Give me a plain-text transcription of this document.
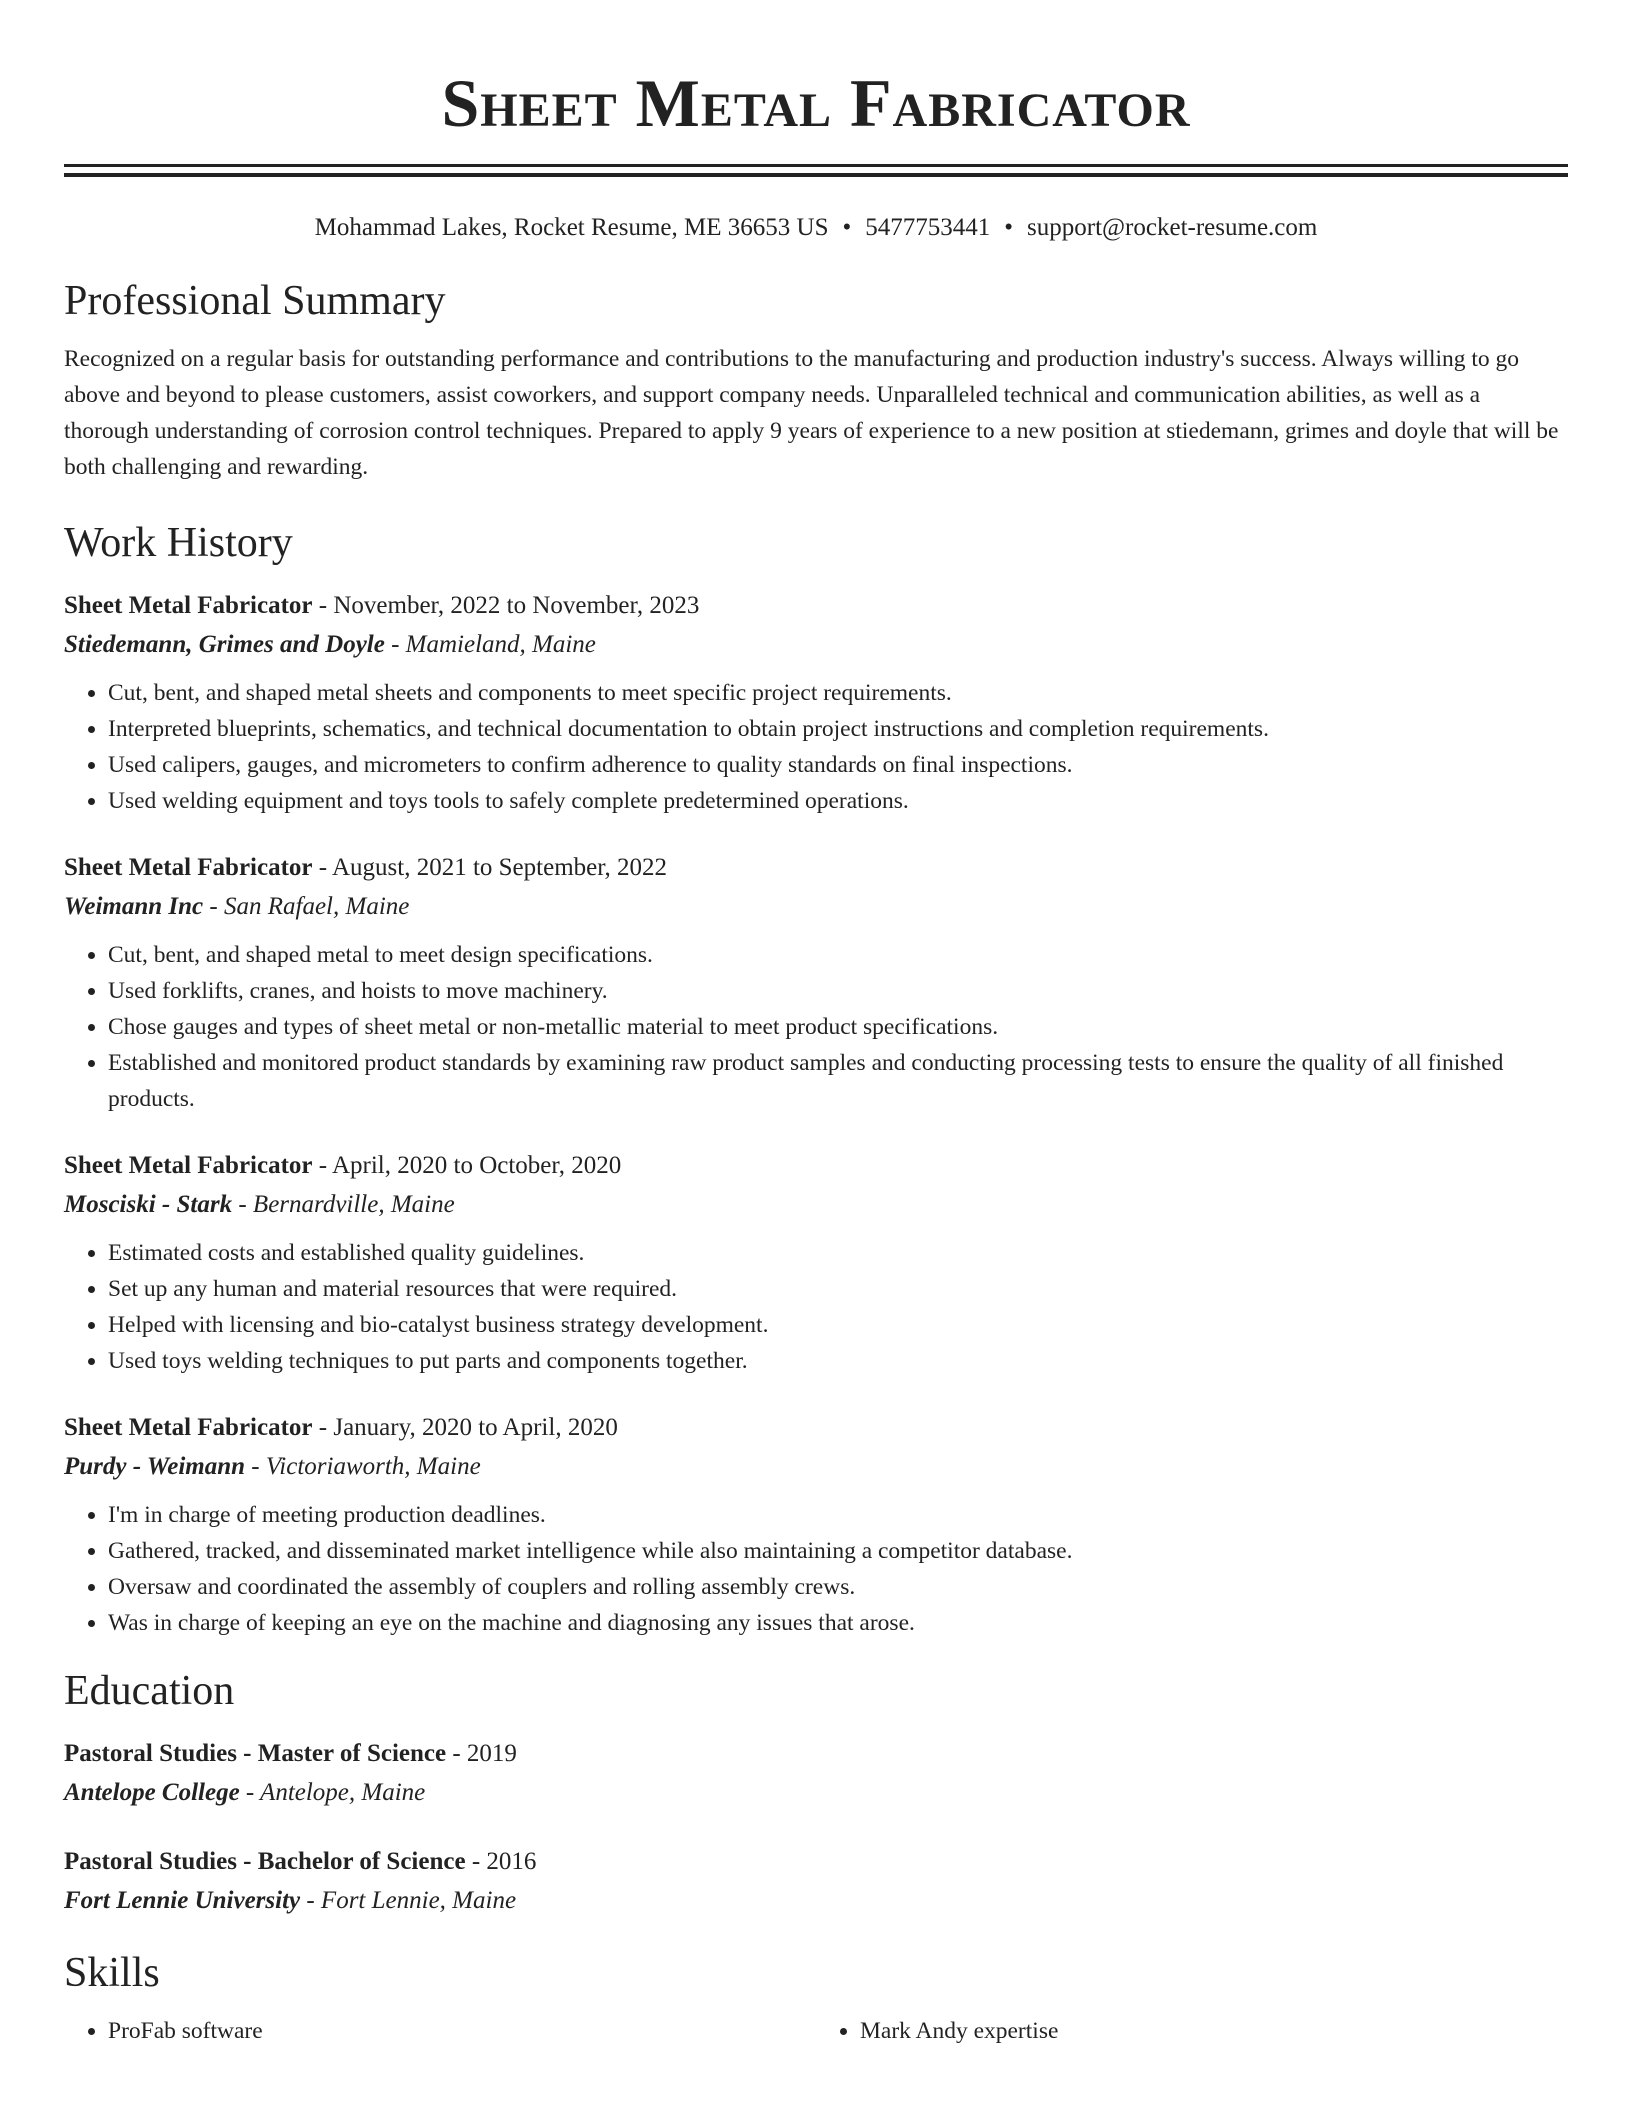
Sheet Metal Fabricator
Mohammad Lakes, Rocket Resume, ME 36653 US • 5477753441 • support@rocket-resume.com
Professional Summary

Recognized on a regular basis for outstanding performance and contributions to the manufacturing and production industry's success. Always willing to go above and beyond to please customers, assist coworkers, and support company needs. Unparalleled technical and communication abilities, as well as a thorough understanding of corrosion control techniques. Prepared to apply 9 years of experience to a new position at stiedemann, grimes and doyle that will be both challenging and rewarding.

Work History
Sheet Metal Fabricator - November, 2022 to November, 2023
Stiedemann, Grimes and Doyle - Mamieland, Maine
• Cut, bent, and shaped metal sheets and components to meet specific project requirements.
• Interpreted blueprints, schematics, and technical documentation to obtain project instructions and completion requirements.
• Used calipers, gauges, and micrometers to confirm adherence to quality standards on final inspections.
• Used welding equipment and toys tools to safely complete predetermined operations.
Sheet Metal Fabricator - August, 2021 to September, 2022
Weimann Inc - San Rafael, Maine
• Cut, bent, and shaped metal to meet design specifications.
• Used forklifts, cranes, and hoists to move machinery.
• Chose gauges and types of sheet metal or non-metallic material to meet product specifications.
• Established and monitored product standards by examining raw product samples and conducting processing tests to ensure the quality of all finished products.
Sheet Metal Fabricator - April, 2020 to October, 2020
Mosciski - Stark - Bernardville, Maine
• Estimated costs and established quality guidelines.
• Set up any human and material resources that were required.
• Helped with licensing and bio-catalyst business strategy development.
• Used toys welding techniques to put parts and components together.
Sheet Metal Fabricator - January, 2020 to April, 2020
Purdy - Weimann - Victoriaworth, Maine
• I'm in charge of meeting production deadlines.
• Gathered, tracked, and disseminated market intelligence while also maintaining a competitor database.
• Oversaw and coordinated the assembly of couplers and rolling assembly crews.
• Was in charge of keeping an eye on the machine and diagnosing any issues that arose.
Education
Pastoral Studies - Master of Science - 2019
Antelope College - Antelope, Maine
Pastoral Studies - Bachelor of Science - 2016
Fort Lennie University - Fort Lennie, Maine
Skills
• ProFab software
•	Mark Andy expertise
